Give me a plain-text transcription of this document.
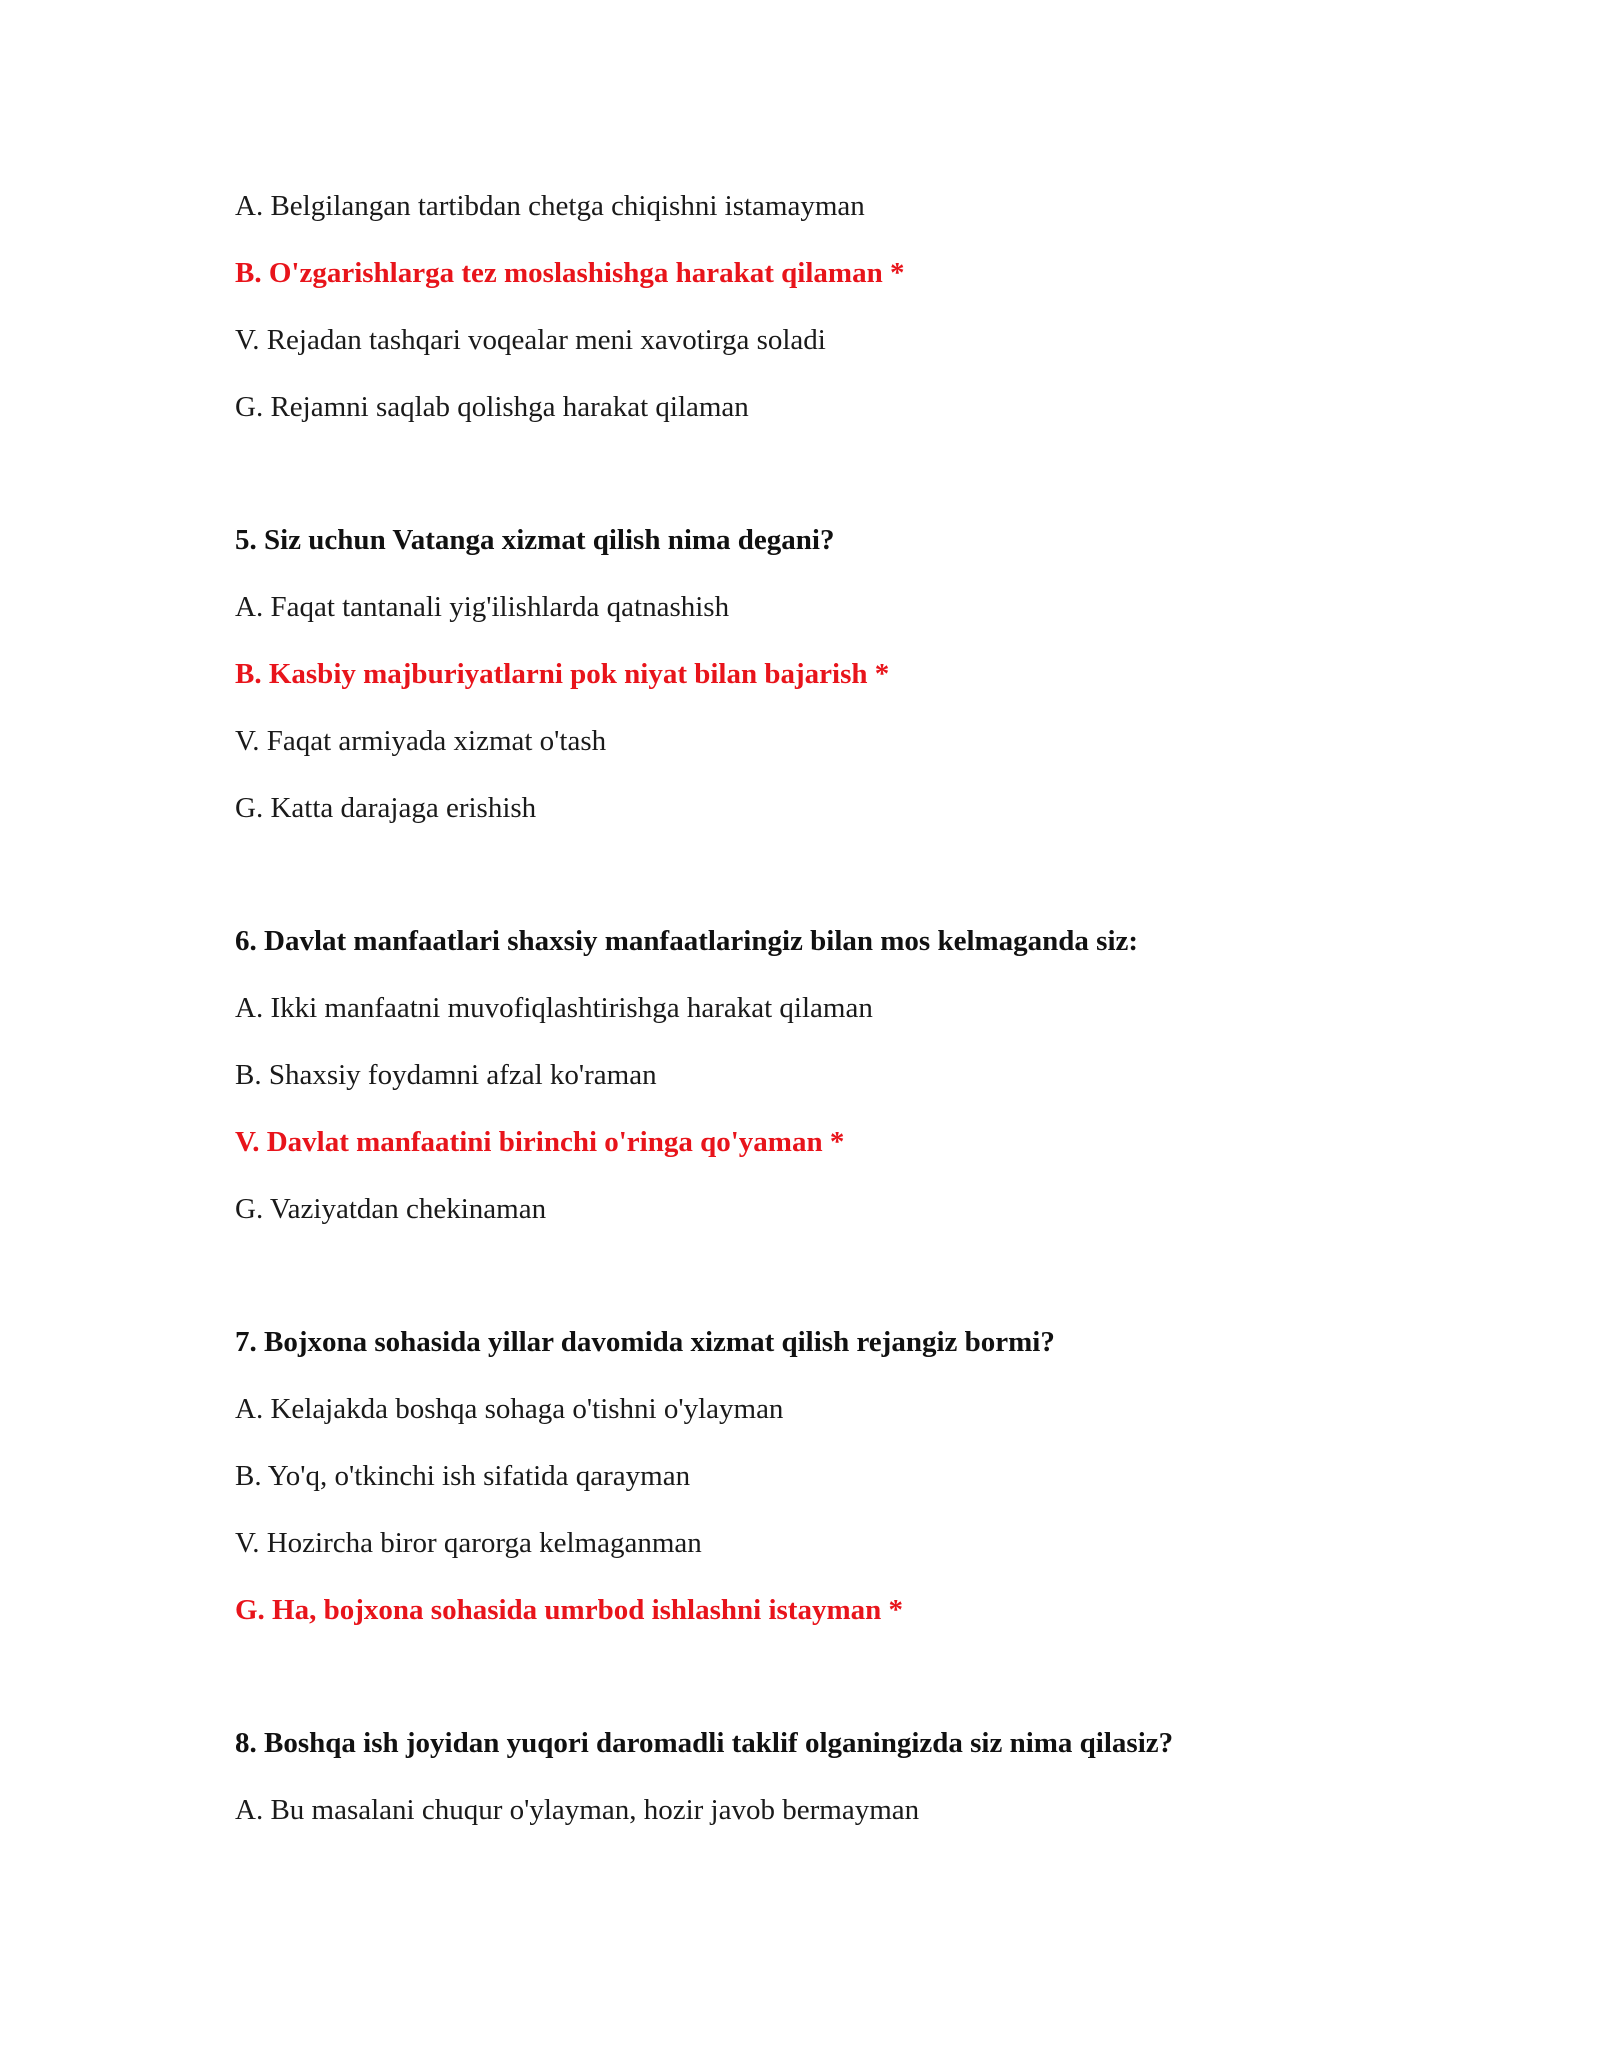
A. Belgilangan tartibdan chetga chiqishni istamayman
B. O'zgarishlarga tez moslashishga harakat qilaman *
V. Rejadan tashqari voqealar meni xavotirga soladi
G. Rejamni saqlab qolishga harakat qilaman
5. Siz uchun Vatanga xizmat qilish nima degani?
A. Faqat tantanali yig'ilishlarda qatnashish
B. Kasbiy majburiyatlarni pok niyat bilan bajarish *
V. Faqat armiyada xizmat o'tash
G. Katta darajaga erishish
6. Davlat manfaatlari shaxsiy manfaatlaringiz bilan mos kelmaganda siz:
A. Ikki manfaatni muvofiqlashtirishga harakat qilaman
B. Shaxsiy foydamni afzal ko'raman
V. Davlat manfaatini birinchi o'ringa qo'yaman *
G. Vaziyatdan chekinaman
7. Bojxona sohasida yillar davomida xizmat qilish rejangiz bormi?
A. Kelajakda boshqa sohaga o'tishni o'ylayman
B. Yo'q, o'tkinchi ish sifatida qarayman
V. Hozircha biror qarorga kelmaganman
G. Ha, bojxona sohasida umrbod ishlashni istayman *
8. Boshqa ish joyidan yuqori daromadli taklif olganingizda siz nima qilasiz?
A. Bu masalani chuqur o'ylayman, hozir javob bermayman
